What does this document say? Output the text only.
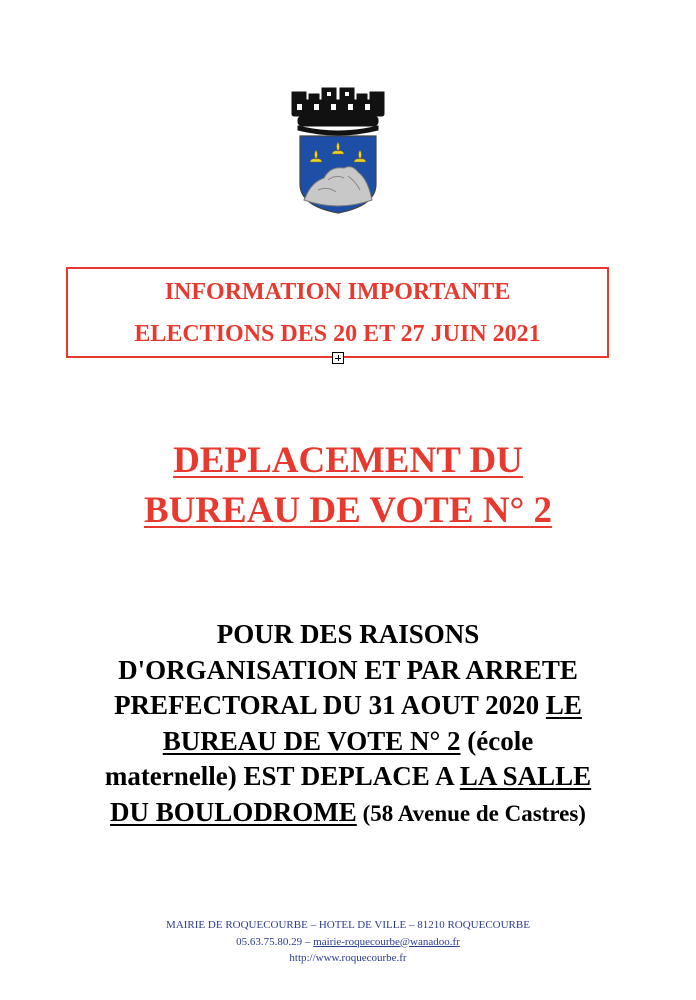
INFORMATION IMPORTANTE

ELECTIONS DES 20 ET 27 JUIN 2021

DEPLACEMENT DU
BUREAU DE VOTE N° 2
POUR DES RAISONS
D'ORGANISATION ET PAR ARRETE
PREFECTORAL DU 31 AOUT 2020 LE
BUREAU DE VOTE N° 2 (école
maternelle) EST DEPLACE A LA SALLE
DU BOULODROME (58 Avenue de Castres)
MAIRIE DE ROQUECOURBE – HOTEL DE VILLE – 81210 ROQUECOURBE
05.63.75.80.29 – mairie-roquecourbe@wanadoo.fr
http://www.roquecourbe.fr
